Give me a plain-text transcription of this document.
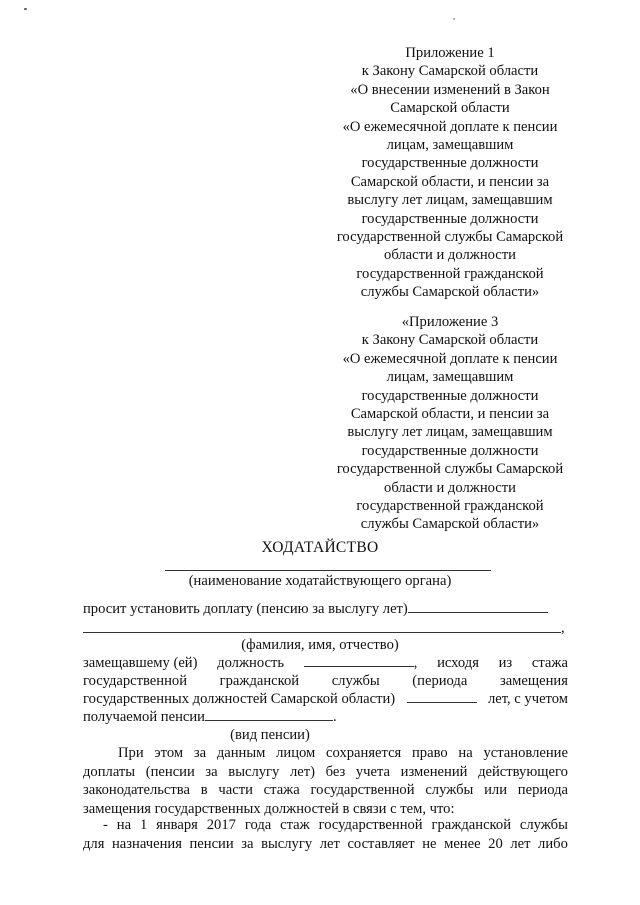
Приложение 1
к Закону Самарской области
«О внесении изменений в Закон
Самарской области
«О ежемесячной доплате к пенсии
лицам, замещавшим
государственные должности
Самарской области, и пенсии за
выслугу лет лицам, замещавшим
государственные должности
государственной службы Самарской
области и должности
государственной гражданской
службы Самарской области»
«Приложение 3
к Закону Самарской области
«О ежемесячной доплате к пенсии
лицам, замещавшим
государственные должности
Самарской области, и пенсии за
выслугу лет лицам, замещавшим
государственные должности
государственной службы Самарской
области и должности
государственной гражданской
службы Самарской области»
ХОДАТАЙСТВО
(наименование ходатайствующего органа)
просит установить доплату (пенсию за выслугу лет)
,
(фамилия, имя, отчество)
замещавшему (ей) должность	, исходя из стажа
государственной гражданской службы (периода замещения
государственных должностей Самарской области)	лет, с учетом
получаемой пенсии	.
(вид пенсии)
При этом за данным лицом сохраняется право на установление
доплаты (пенсии за выслугу лет) без учета изменений действующего
законодательства в части стажа государственной службы или периода
замещения государственных должностей в связи с тем, что:
- на 1 января 2017 года стаж государственной гражданской службы
для назначения пенсии за выслугу лет составляет не менее 20 лет либо
